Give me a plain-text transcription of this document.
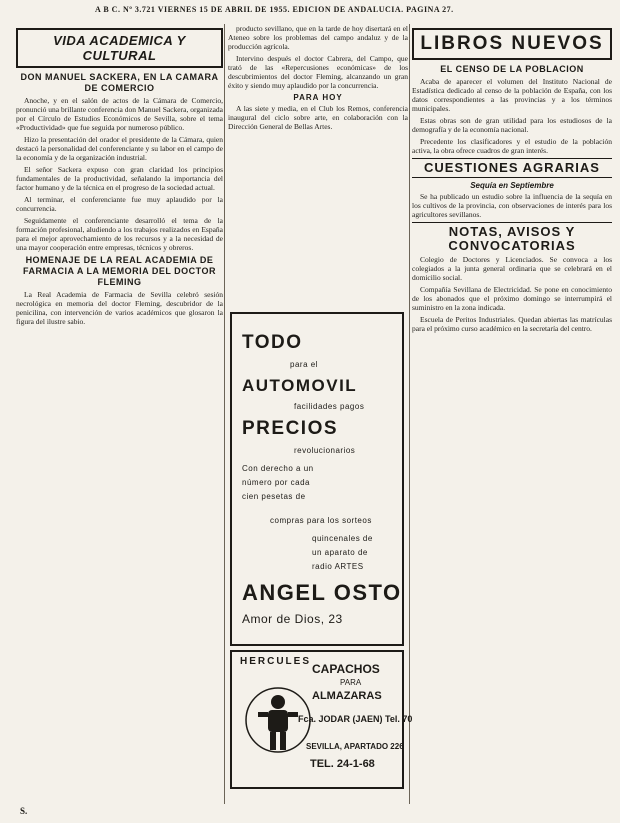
A B C. Nº 3.721 VIERNES 15 DE ABRIL DE 1955. EDICION DE ANDALUCIA. PAGINA 27.
VIDA ACADEMICA Y CULTURAL
DON MANUEL SACKERA, EN LA CAMARA DE COMERCIO

Anoche, y en el salón de actos de la Cámara de Comercio, pronunció una brillante conferencia don Manuel Sackera, organizada por el Círculo de Estudios Económicos de Sevilla, sobre el tema «Productividad» que fue seguida por numeroso público.

Hizo la presentación del orador el presidente de la Cámara, quien destacó la personalidad del conferenciante y su labor en el campo de la economía y de la organización industrial.

El señor Sackera expuso con gran claridad los principios fundamentales de la productividad, señalando la importancia del factor humano y de la técnica en el progreso de la sociedad actual.

Al terminar, el conferenciante fue muy aplaudido por la concurrencia.

Seguidamente el conferenciante desarrolló el tema de la formación profesional, aludiendo a los trabajos realizados en España para el mejor aprovechamiento de los recursos y a la necesidad de una mayor cooperación entre empresas, técnicos y obreros.

HOMENAJE DE LA REAL ACADEMIA DE FARMACIA A LA MEMORIA DEL DOCTOR FLEMING

La Real Academia de Farmacia de Sevilla celebró sesión necrológica en memoria del doctor Fleming, descubridor de la penicilina, con intervención de varios académicos que glosaron la figura del ilustre sabio.

producto sevillano, que en la tarde de hoy disertará en el Ateneo sobre los problemas del campo andaluz y de la producción agrícola.

Intervino después el doctor Cabrera, del Campo, que trató de las «Repercusiones económicas» de los descubrimientos del doctor Fleming, alcanzando un gran éxito y siendo muy aplaudido por la concurrencia.

PARA HOY

A las siete y media, en el Club los Remos, conferencia inaugural del ciclo sobre arte, en colaboración con la Dirección General de Bellas Artes.

TODO
para el
AUTOMOVIL
facilidades pagos
PRECIOS
revolucionarios
Con derecho a un
número por cada
cien pesetas de
compras para los sorteos
quincenales de
un aparato de
radio ARTES
ANGEL OSTO
Amor de Dios, 23
HERCULES
CAPACHOS
PARA
ALMAZARAS
Fca. JODAR (JAEN) Tel. 70
SEVILLA, APARTADO 226
TEL. 24-1-68
LIBROS NUEVOS
EL CENSO DE LA POBLACION

Acaba de aparecer el volumen del Instituto Nacional de Estadística dedicado al censo de la población de España, con los datos correspondientes a las provincias y a los términos municipales.

Estas obras son de gran utilidad para los estudiosos de la demografía y de la economía nacional.

Precedente los clasificadores y el estudio de la población activa, la obra ofrece cuadros de gran interés.

CUESTIONES AGRARIAS
Sequía en Septiembre

Se ha publicado un estudio sobre la influencia de la sequía en los cultivos de la provincia, con observaciones de interés para los agricultores sevillanos.

NOTAS, AVISOS Y CONVOCATORIAS

Colegio de Doctores y Licenciados. Se convoca a los colegiados a la junta general ordinaria que se celebrará en el domicilio social.

Compañía Sevillana de Electricidad. Se pone en conocimiento de los abonados que el próximo domingo se interrumpirá el suministro en la zona indicada.

Escuela de Peritos Industriales. Quedan abiertas las matrículas para el próximo curso académico en la secretaría del centro.

S.
